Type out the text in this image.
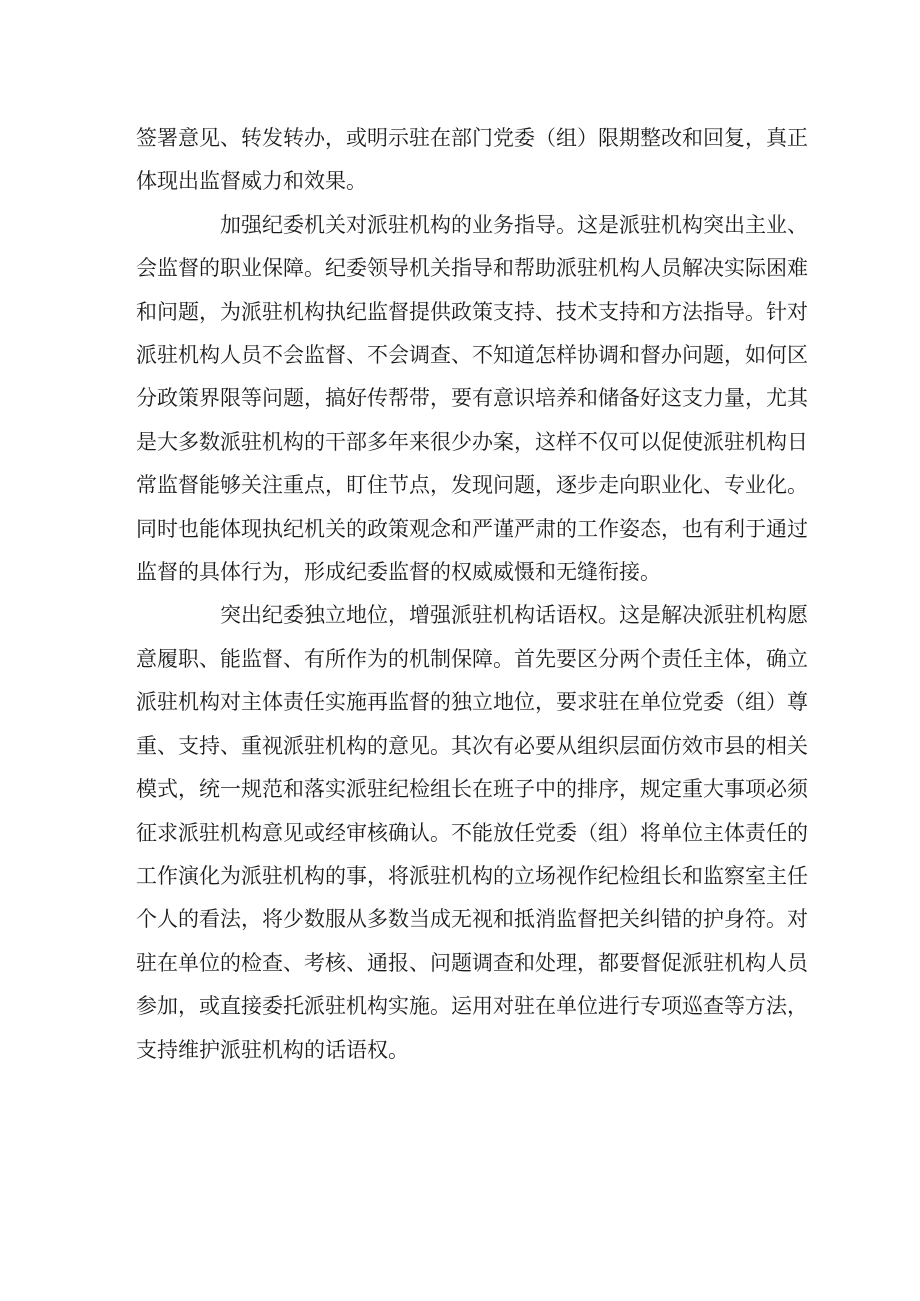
签署意见、转发转办，或明示驻在部门党委（组）限期整改和回复，真正
体现出监督威力和效果。

加强纪委机关对派驻机构的业务指导。这是派驻机构突出主业、

会监督的职业保障。纪委领导机关指导和帮助派驻机构人员解决实际困难
和问题，为派驻机构执纪监督提供政策支持、技术支持和方法指导。针对
派驻机构人员不会监督、不会调查、不知道怎样协调和督办问题，如何区
分政策界限等问题，搞好传帮带，要有意识培养和储备好这支力量，尤其
是大多数派驻机构的干部多年来很少办案，这样不仅可以促使派驻机构日
常监督能够关注重点，盯住节点，发现问题，逐步走向职业化、专业化。
同时也能体现执纪机关的政策观念和严谨严肃的工作姿态，也有利于通过
监督的具体行为，形成纪委监督的权威威慑和无缝衔接。

突出纪委独立地位，增强派驻机构话语权。这是解决派驻机构愿

意履职、能监督、有所作为的机制保障。首先要区分两个责任主体，确立
派驻机构对主体责任实施再监督的独立地位，要求驻在单位党委（组）尊
重、支持、重视派驻机构的意见。其次有必要从组织层面仿效市县的相关
模式，统一规范和落实派驻纪检组长在班子中的排序，规定重大事项必须
征求派驻机构意见或经审核确认。不能放任党委（组）将单位主体责任的
工作演化为派驻机构的事，将派驻机构的立场视作纪检组长和监察室主任
个人的看法，将少数服从多数当成无视和抵消监督把关纠错的护身符。对
驻在单位的检查、考核、通报、问题调查和处理，都要督促派驻机构人员
参加，或直接委托派驻机构实施。运用对驻在单位进行专项巡查等方法，
支持维护派驻机构的话语权。
